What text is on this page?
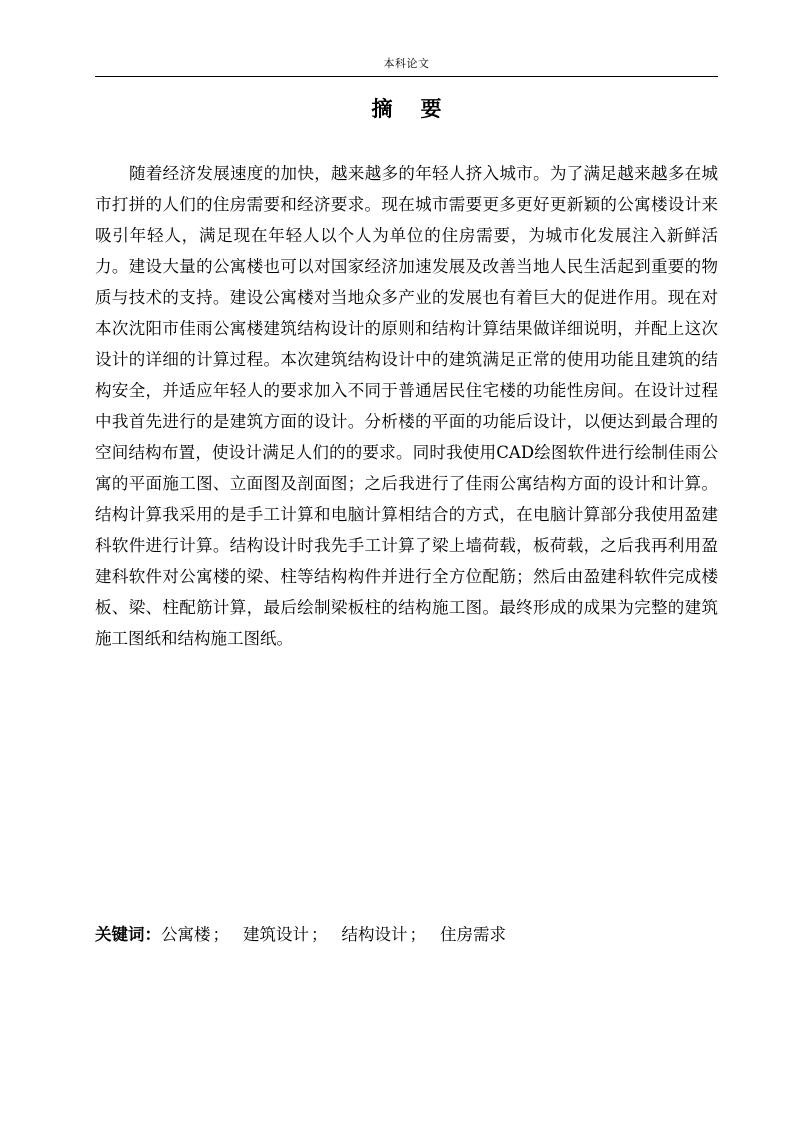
本科论文
摘要

随着经济发展速度的加快，越来越多的年轻人挤入城市。为了满足越来越多在城市打拼的人们的住房需要和经济要求。现在城市需要更多更好更新颖的公寓楼设计来吸引年轻人，满足现在年轻人以个人为单位的住房需要，为城市化发展注入新鲜活力。建设大量的公寓楼也可以对国家经济加速发展及改善当地人民生活起到重要的物质与技术的支持。建设公寓楼对当地众多产业的发展也有着巨大的促进作用。现在对本次沈阳市佳雨公寓楼建筑结构设计的原则和结构计算结果做详细说明，并配上这次设计的详细的计算过程。本次建筑结构设计中的建筑满足正常的使用功能且建筑的结构安全，并适应年轻人的要求加入不同于普通居民住宅楼的功能性房间。在设计过程中我首先进行的是建筑方面的设计。分析楼的平面的功能后设计，以便达到最合理的空间结构布置，使设计满足人们的的要求。同时我使用CAD绘图软件进行绘制佳雨公寓的平面施工图、立面图及剖面图；之后我进行了佳雨公寓结构方面的设计和计算。结构计算我采用的是手工计算和电脑计算相结合的方式，在电脑计算部分我使用盈建科软件进行计算。结构设计时我先手工计算了梁上墙荷载，板荷载，之后我再利用盈建科软件对公寓楼的梁、柱等结构构件并进行全方位配筋；然后由盈建科软件完成楼板、梁、柱配筋计算，最后绘制梁板柱的结构施工图。最终形成的成果为完整的建筑施工图纸和结构施工图纸。

关键词：公寓楼 ； 建筑设计 ； 结构设计 ； 住房需求
